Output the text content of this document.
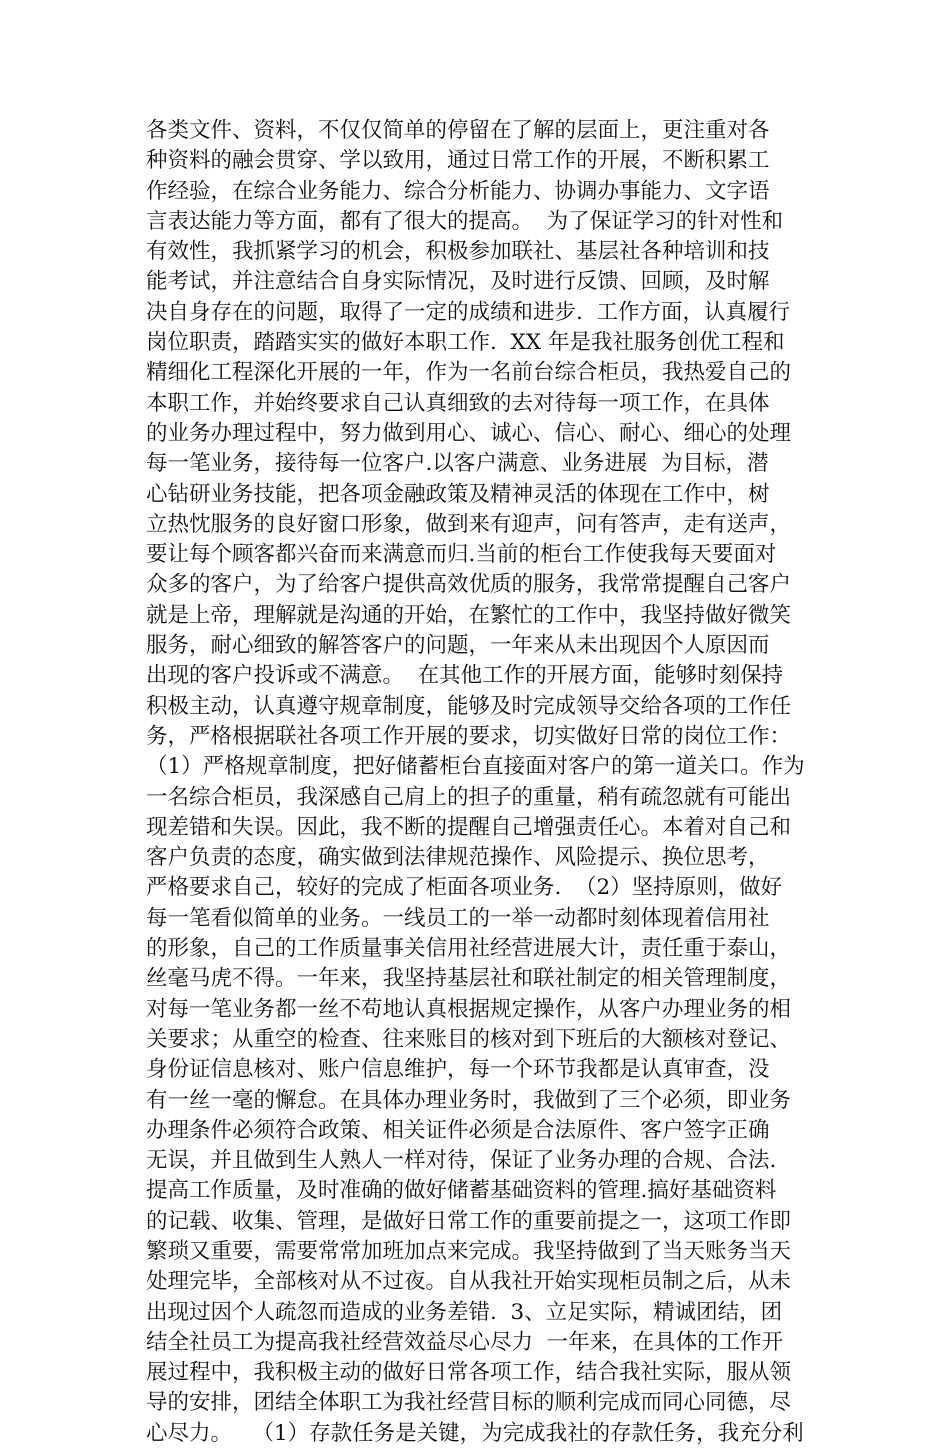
各类文件、资料，不仅仅简单的停留在了解的层面上，更注重对各
种资料的融会贯穿、学以致用，通过日常工作的开展，不断积累工
作经验，在综合业务能力、综合分析能力、协调办事能力、文字语
言表达能力等方面，都有了很大的提高。  为了保证学习的针对性和
有效性，我抓紧学习的机会，积极参加联社、基层社各种培训和技
能考试，并注意结合自身实际情况，及时进行反馈、回顾，及时解
决自身存在的问题，取得了一定的成绩和进步.  工作方面，认真履行
岗位职责，踏踏实实的做好本职工作.  XX 年是我社服务创优工程和
精细化工程深化开展的一年，作为一名前台综合柜员，我热爱自己的
本职工作，并始终要求自己认真细致的去对待每一项工作，在具体
的业务办理过程中，努力做到用心、诚心、信心、耐心、细心的处理
每一笔业务，接待每一位客户.以客户满意、业务进展  为目标，潜
心钻研业务技能，把各项金融政策及精神灵活的体现在工作中，树
立热忱服务的良好窗口形象，做到来有迎声，问有答声，走有送声，
要让每个顾客都兴奋而来满意而归.当前的柜台工作使我每天要面对
众多的客户，为了给客户提供高效优质的服务，我常常提醒自己客户
就是上帝，理解就是沟通的开始，在繁忙的工作中，我坚持做好微笑
服务，耐心细致的解答客户的问题，一年来从未出现因个人原因而
出现的客户投诉或不满意。  在其他工作的开展方面，能够时刻保持
积极主动，认真遵守规章制度，能够及时完成领导交给各项的工作任
务，严格根据联社各项工作开展的要求，切实做好日常的岗位工作：
（1）严格规章制度，把好储蓄柜台直接面对客户的第一道关口。作为
一名综合柜员，我深感自己肩上的担子的重量，稍有疏忽就有可能出
现差错和失误。因此，我不断的提醒自己增强责任心。本着对自己和
客户负责的态度，确实做到法律规范操作、风险提示、换位思考，
严格要求自己，较好的完成了柜面各项业务.  （2）坚持原则，做好
每一笔看似简单的业务。一线员工的一举一动都时刻体现着信用社
的形象，自己的工作质量事关信用社经营进展大计，责任重于泰山，
丝毫马虎不得。一年来，我坚持基层社和联社制定的相关管理制度，
对每一笔业务都一丝不苟地认真根据规定操作，从客户办理业务的相
关要求；从重空的检查、往来账目的核对到下班后的大额核对登记、
身份证信息核对、账户信息维护，每一个环节我都是认真审查，没
有一丝一毫的懈怠。在具体办理业务时，我做到了三个必须，即业务
办理条件必须符合政策、相关证件必须是合法原件、客户签字正确
无误，并且做到生人熟人一样对待，保证了业务办理的合规、合法.
提高工作质量，及时准确的做好储蓄基础资料的管理.搞好基础资料
的记载、收集、管理，是做好日常工作的重要前提之一，这项工作即
繁琐又重要，需要常常加班加点来完成。我坚持做到了当天账务当天
处理完毕，全部核对从不过夜。自从我社开始实现柜员制之后，从未
出现过因个人疏忽而造成的业务差错.  3、立足实际，精诚团结，团
结全社员工为提高我社经营效益尽心尽力  一年来，在具体的工作开
展过程中，我积极主动的做好日常各项工作，结合我社实际，服从领
导的安排，团结全体职工为我社经营目标的顺利完成而同心同德，尽
心尽力。   （1）存款任务是关键，为完成我社的存款任务，我充分利
